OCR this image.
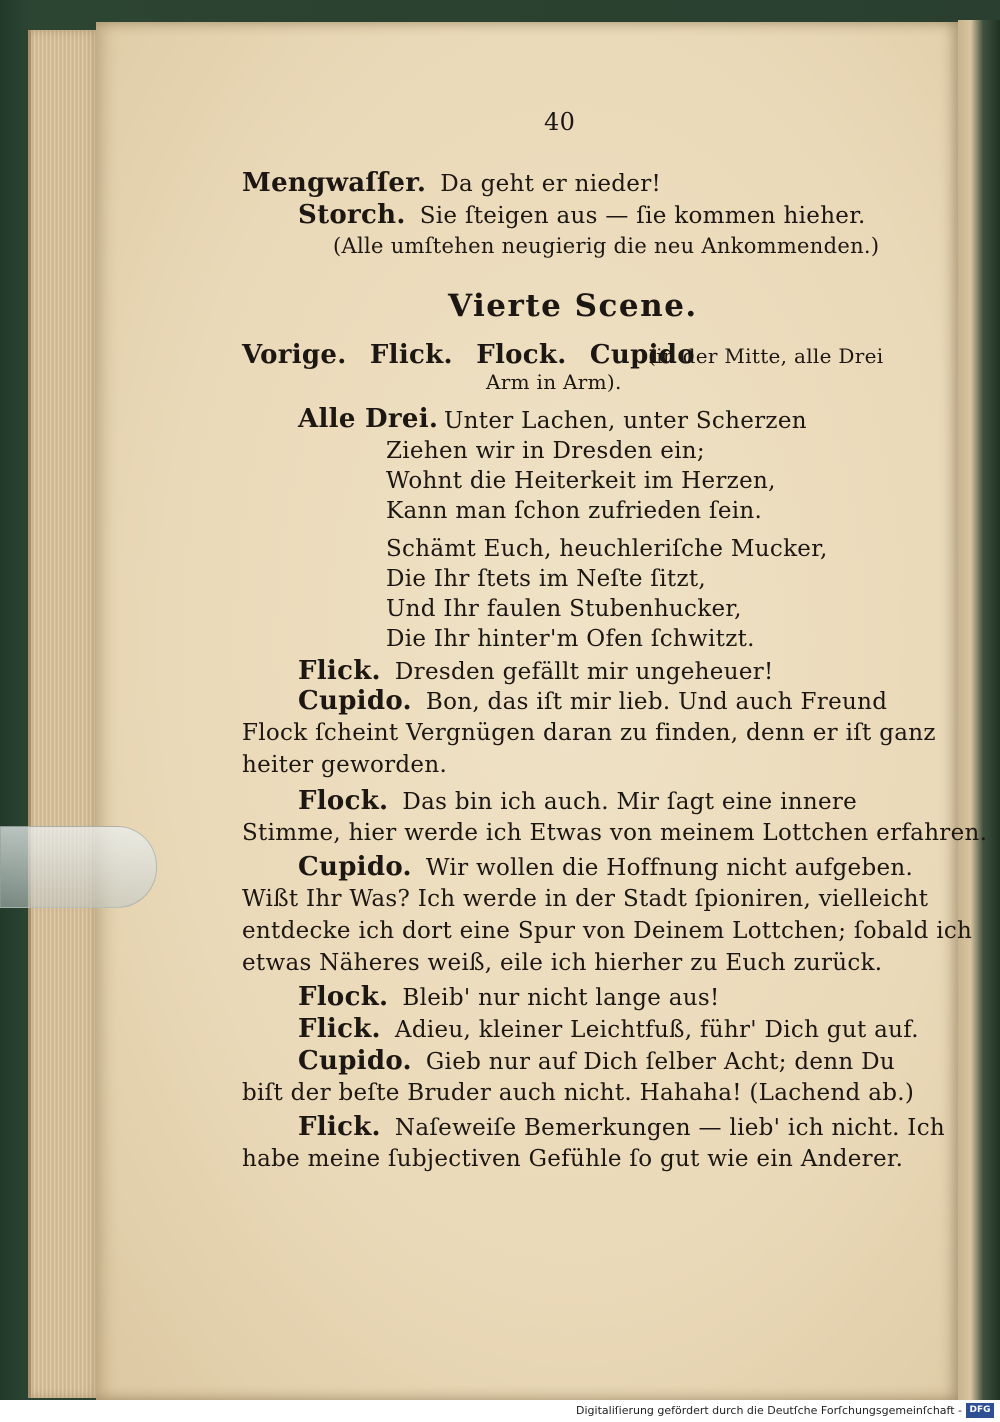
40
Mengwaſſer. Da geht er nieder!
Storch. Sie ſteigen aus — ſie kommen hieher.
(Alle umſtehen neugierig die neu Ankommenden.)
Vierte Scene.
Vorige. Flick. Flock. Cupido
(in der Mitte, alle Drei
Arm in Arm).
Alle Drei. Unter Lachen, unter Scherzen
Ziehen wir in Dresden ein;
Wohnt die Heiterkeit im Herzen,
Kann man ſchon zufrieden ſein.
Schämt Euch, heuchleriſche Mucker,
Die Ihr ſtets im Neſte ſitzt,
Und Ihr faulen Stubenhucker,
Die Ihr hinter'm Ofen ſchwitzt.
Flick. Dresden gefällt mir ungeheuer!
Cupido. Bon, das iſt mir lieb. Und auch Freund
Flock ſcheint Vergnügen daran zu finden, denn er iſt ganz
heiter geworden.
Flock. Das bin ich auch. Mir ſagt eine innere
Stimme, hier werde ich Etwas von meinem Lottchen erfahren.
Cupido. Wir wollen die Hoffnung nicht aufgeben.
Wißt Ihr Was? Ich werde in der Stadt ſpioniren, vielleicht
entdecke ich dort eine Spur von Deinem Lottchen; ſobald ich
etwas Näheres weiß, eile ich hierher zu Euch zurück.
Flock. Bleib' nur nicht lange aus!
Flick. Adieu, kleiner Leichtfuß, führ' Dich gut auf.
Cupido. Gieb nur auf Dich ſelber Acht; denn Du
biſt der beſte Bruder auch nicht. Hahaha! (Lachend ab.)
Flick. Naſeweiſe Bemerkungen — lieb' ich nicht. Ich
habe meine ſubjectiven Gefühle ſo gut wie ein Anderer.
Digitaliſierung gefördert durch die Deutſche Forſchungsgemeinſchaft - DFG
